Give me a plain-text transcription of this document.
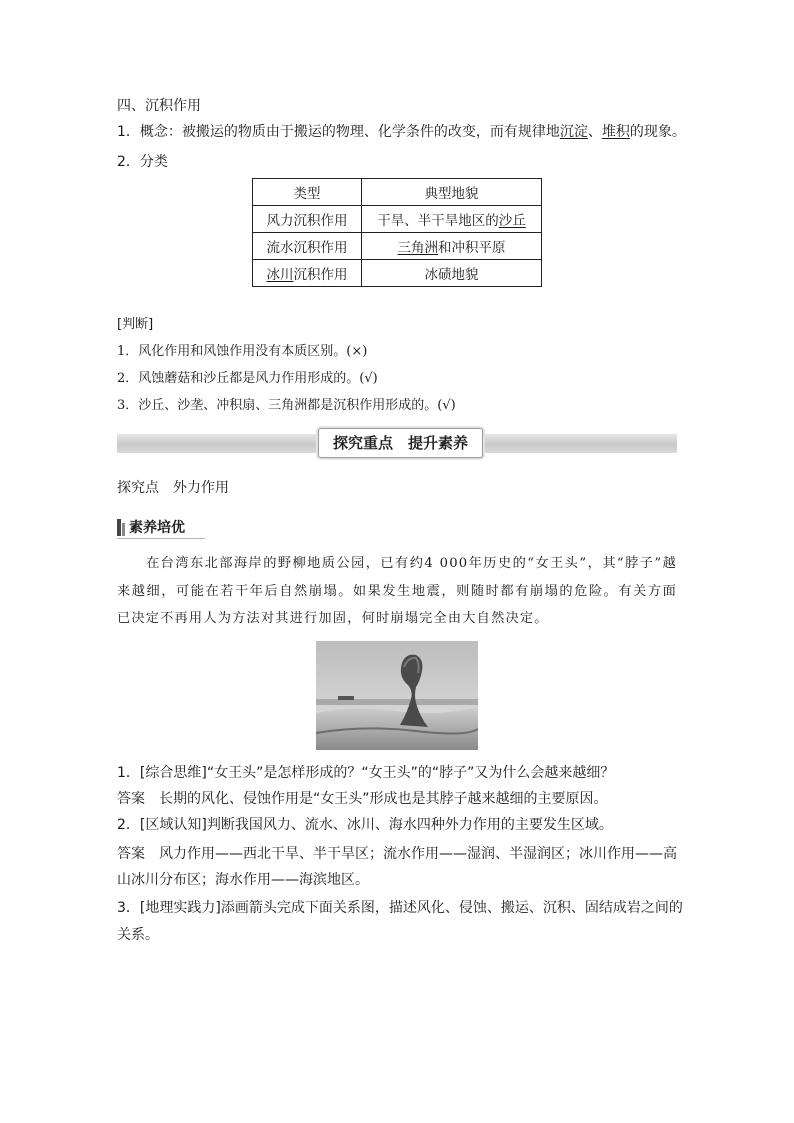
四、沉积作用
1．概念：被搬运的物质由于搬运的物理、化学条件的改变，而有规律地沉淀、堆积的现象。
2．分类
类型	典型地貌
风力沉积作用	干旱、半干旱地区的沙丘
流水沉积作用	三角洲和冲积平原
冰川沉积作用	冰碛地貌
[判断]
1．风化作用和风蚀作用没有本质区别。(×)
2．风蚀蘑菇和沙丘都是风力作用形成的。(√)
3．沙丘、沙垄、冲积扇、三角洲都是沉积作用形成的。(√)
探究重点　提升素养
探究点　外力作用
素养培优
在台湾东北部海岸的野柳地质公园，已有约4 000年历史的“女王头”，其“脖子”越来越细，可能在若干年后自然崩塌。如果发生地震，则随时都有崩塌的危险。有关方面已决定不再用人为方法对其进行加固，何时崩塌完全由大自然决定。
1．[综合思维]“女王头”是怎样形成的？“女王头”的“脖子”又为什么会越来越细？
答案　 长期的风化、侵蚀作用是“女王头”形成也是其脖子越来越细的主要原因。
2．[区域认知]判断我国风力、流水、冰川、海水四种外力作用的主要发生区域。
答案　 风力作用——西北干旱、半干旱区；流水作用——湿润、半湿润区；冰川作用——高
山冰川分布区；海水作用——海滨地区。
3．[地理实践力]添画箭头完成下面关系图，描述风化、侵蚀、搬运、沉积、固结成岩之间的
关系。
